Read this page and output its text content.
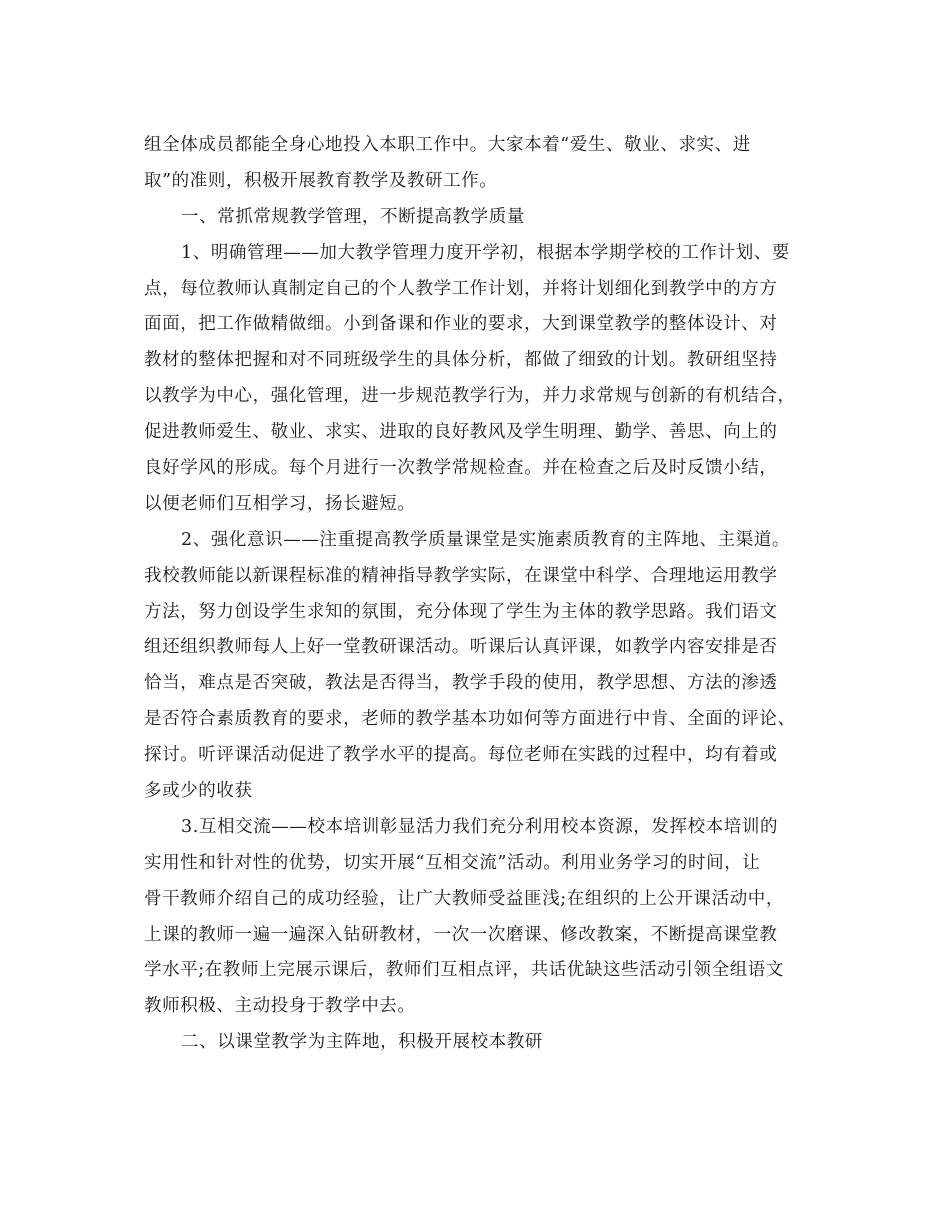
组全体成员都能全身心地投入本职工作中。大家本着“爱生、敬业、求实、进
取”的准则，积极开展教育教学及教研工作。
一、常抓常规教学管理，不断提高教学质量
1、明确管理——加大教学管理力度开学初，根据本学期学校的工作计划、要
点，每位教师认真制定自己的个人教学工作计划，并将计划细化到教学中的方方
面面，把工作做精做细。小到备课和作业的要求，大到课堂教学的整体设计、对
教材的整体把握和对不同班级学生的具体分析，都做了细致的计划。教研组坚持
以教学为中心，强化管理，进一步规范教学行为，并力求常规与创新的有机结合，
促进教师爱生、敬业、求实、进取的良好教风及学生明理、勤学、善思、向上的
良好学风的形成。每个月进行一次教学常规检查。并在检查之后及时反馈小结，
以便老师们互相学习，扬长避短。
2、强化意识——注重提高教学质量课堂是实施素质教育的主阵地、主渠道。
我校教师能以新课程标准的精神指导教学实际，在课堂中科学、合理地运用教学
方法，努力创设学生求知的氛围，充分体现了学生为主体的教学思路。我们语文
组还组织教师每人上好一堂教研课活动。听课后认真评课，如教学内容安排是否
恰当，难点是否突破，教法是否得当，教学手段的使用，教学思想、方法的渗透
是否符合素质教育的要求，老师的教学基本功如何等方面进行中肯、全面的评论、
探讨。听评课活动促进了教学水平的提高。每位老师在实践的过程中，均有着或
多或少的收获
3.互相交流——校本培训彰显活力我们充分利用校本资源，发挥校本培训的
实用性和针对性的优势，切实开展“互相交流”活动。利用业务学习的时间，让
骨干教师介绍自己的成功经验，让广大教师受益匪浅;在组织的上公开课活动中，
上课的教师一遍一遍深入钻研教材，一次一次磨课、修改教案，不断提高课堂教
学水平;在教师上完展示课后，教师们互相点评，共话优缺这些活动引领全组语文
教师积极、主动投身于教学中去。
二、以课堂教学为主阵地，积极开展校本教研
